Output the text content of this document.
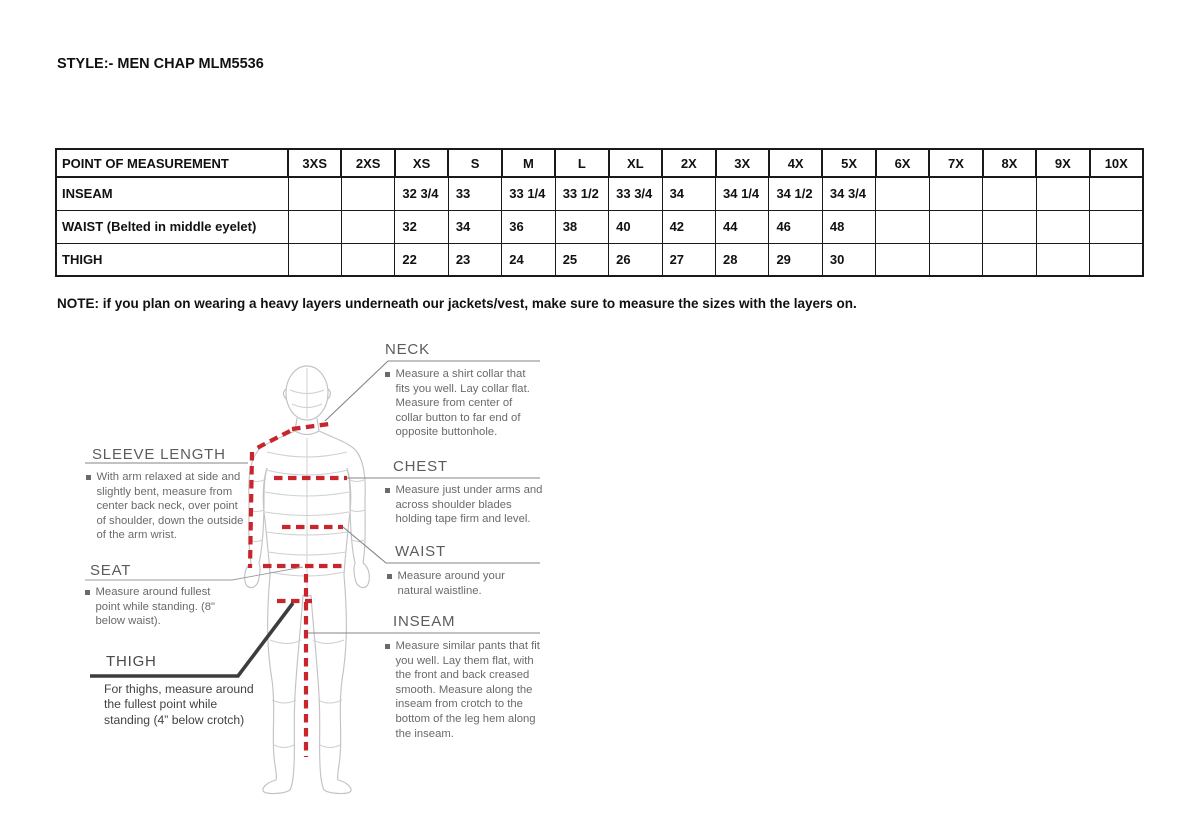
STYLE:- MEN CHAP MLM5536
POINT OF MEASUREMENT	3XS	2XS	XS	S	M	L	XL	2X	3X	4X	5X	6X	7X	8X	9X	10X
INSEAM			32 3/4	33	33 1/4	33 1/2	33 3/4	34	34 1/4	34 1/2	34 3/4					
WAIST (Belted in middle eyelet)			32	34	36	38	40	42	44	46	48					
THIGH			22	23	24	25	26	27	28	29	30					
NOTE: if you plan on wearing a heavy layers underneath our jackets/vest, make sure to measure the sizes with the layers on.
NECK
Measure a shirt collar that fits you well. Lay collar flat. Measure from center of collar button to far end of opposite buttonhole.
CHEST
Measure just under arms and across shoulder blades holding tape firm and level.
WAIST
Measure around your natural waistline.
INSEAM
Measure similar pants that fit you well. Lay them flat, with the front and back creased smooth. Measure along the inseam from crotch to the bottom of the leg hem along the inseam.
SLEEVE LENGTH
With arm relaxed at side and slightly bent, measure from center back neck, over point of shoulder, down the outside of the arm wrist.
SEAT
Measure around fullest point while standing. (8" below waist).
THIGH
For thighs, measure around the fullest point while standing (4” below crotch)
